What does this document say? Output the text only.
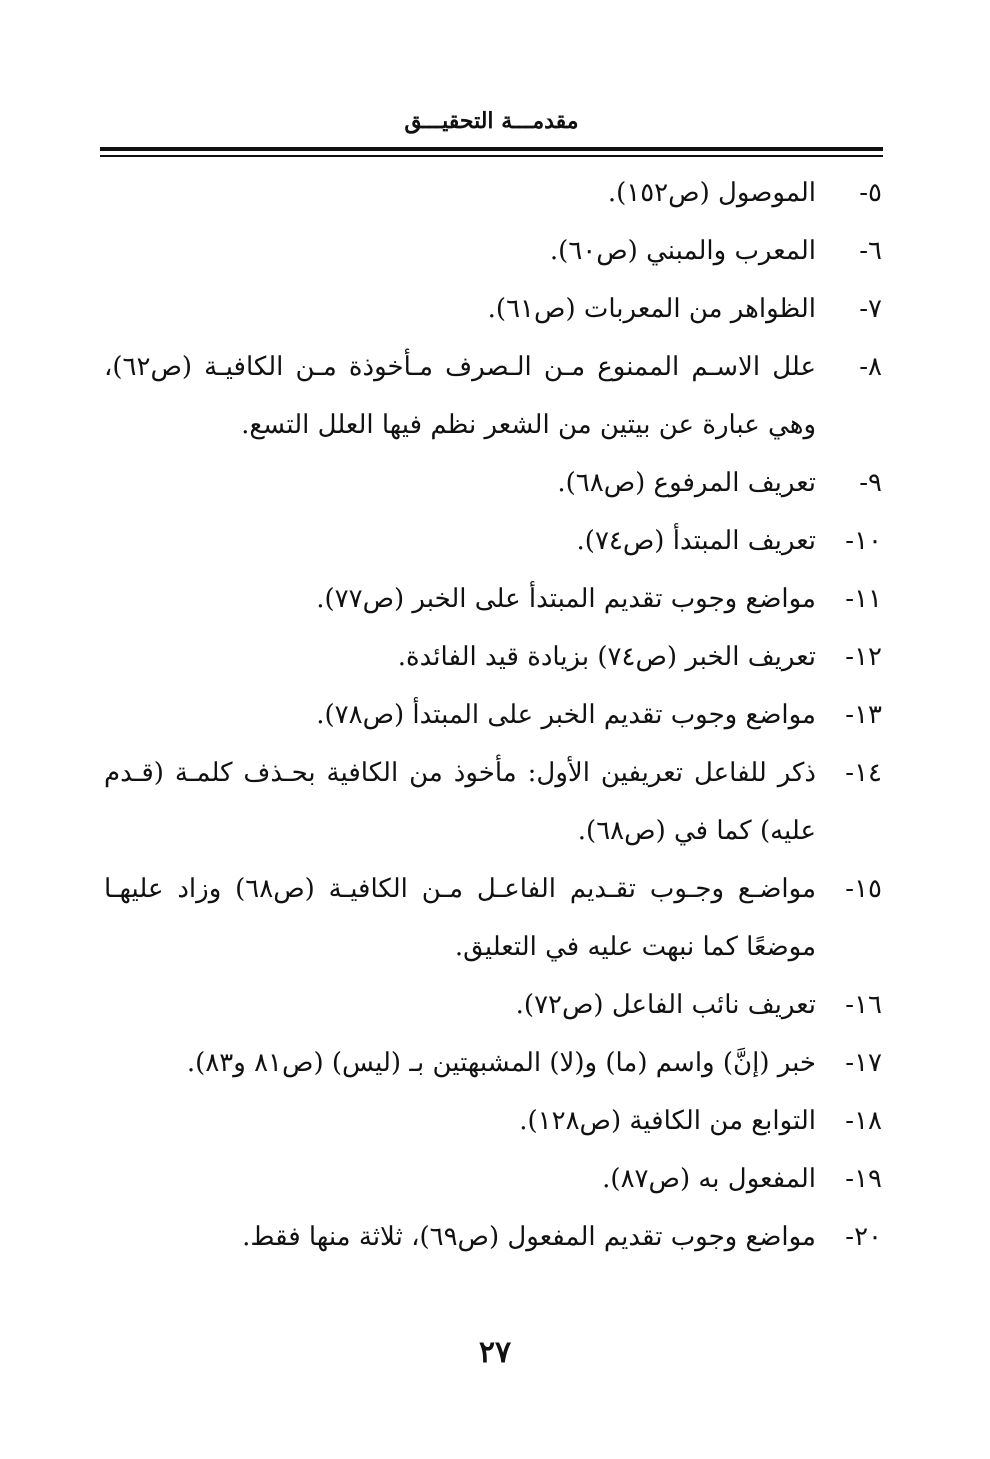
مقدمـــة التحقيـــق
٥-
الموصول (ص١٥٢).
٦-
المعرب والمبني (ص٦٠).
٧-
الظواهر من المعربات (ص٦١).
٨-
علل الاسـم الممنوع مـن الـصرف مـأخوذة مـن الكافيـة (ص٦٢)، وهي عبارة عن بيتين من الشعر نظم فيها العلل التسع.
٩-
تعريف المرفوع (ص٦٨).
١٠-
تعريف المبتدأ (ص٧٤).
١١-
مواضع وجوب تقديم المبتدأ على الخبر (ص٧٧).
١٢-
تعريف الخبر (ص٧٤) بزيادة قيد الفائدة.
١٣-
مواضع وجوب تقديم الخبر على المبتدأ (ص٧٨).
١٤-
ذكر للفاعل تعريفين الأول: مأخوذ من الكافية بحـذف كلمـة (قـدم عليه) كما في (ص٦٨).
١٥-
مواضـع وجـوب تقـديم الفاعـل مـن الكافيـة (ص٦٨) وزاد عليهـا موضعًا كما نبهت عليه في التعليق.
١٦-
تعريف نائب الفاعل (ص٧٢).
١٧-
خبر (إنَّ) واسم (ما) و(لا) المشبهتين بـ (ليس) (ص٨١ و٨٣).
١٨-
التوابع من الكافية (ص١٢٨).
١٩-
المفعول به (ص٨٧).
٢٠-
مواضع وجوب تقديم المفعول (ص٦٩)، ثلاثة منها فقط.
٢٧
